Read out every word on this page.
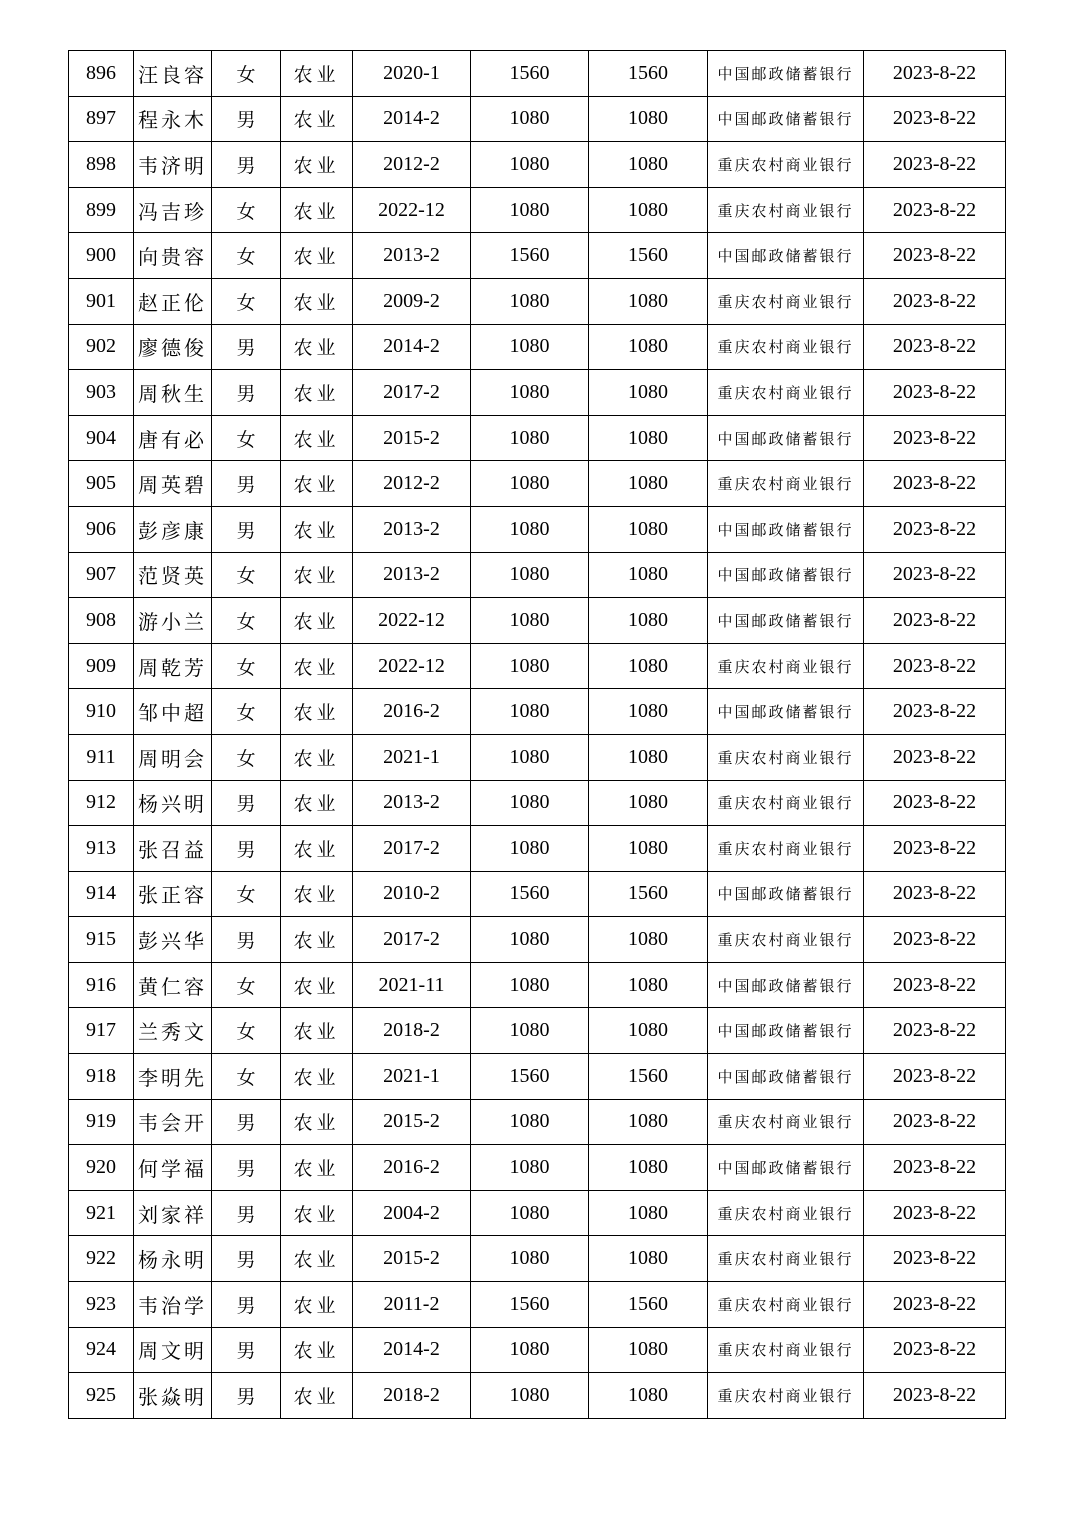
896	汪良容	女	农业	2020-1	1560	1560	中国邮政储蓄银行	2023-8-22
897	程永木	男	农业	2014-2	1080	1080	中国邮政储蓄银行	2023-8-22
898	韦济明	男	农业	2012-2	1080	1080	重庆农村商业银行	2023-8-22
899	冯吉珍	女	农业	2022-12	1080	1080	重庆农村商业银行	2023-8-22
900	向贵容	女	农业	2013-2	1560	1560	中国邮政储蓄银行	2023-8-22
901	赵正伦	女	农业	2009-2	1080	1080	重庆农村商业银行	2023-8-22
902	廖德俊	男	农业	2014-2	1080	1080	重庆农村商业银行	2023-8-22
903	周秋生	男	农业	2017-2	1080	1080	重庆农村商业银行	2023-8-22
904	唐有必	女	农业	2015-2	1080	1080	中国邮政储蓄银行	2023-8-22
905	周英碧	男	农业	2012-2	1080	1080	重庆农村商业银行	2023-8-22
906	彭彦康	男	农业	2013-2	1080	1080	中国邮政储蓄银行	2023-8-22
907	范贤英	女	农业	2013-2	1080	1080	中国邮政储蓄银行	2023-8-22
908	游小兰	女	农业	2022-12	1080	1080	中国邮政储蓄银行	2023-8-22
909	周乾芳	女	农业	2022-12	1080	1080	重庆农村商业银行	2023-8-22
910	邹中超	女	农业	2016-2	1080	1080	中国邮政储蓄银行	2023-8-22
911	周明会	女	农业	2021-1	1080	1080	重庆农村商业银行	2023-8-22
912	杨兴明	男	农业	2013-2	1080	1080	重庆农村商业银行	2023-8-22
913	张召益	男	农业	2017-2	1080	1080	重庆农村商业银行	2023-8-22
914	张正容	女	农业	2010-2	1560	1560	中国邮政储蓄银行	2023-8-22
915	彭兴华	男	农业	2017-2	1080	1080	重庆农村商业银行	2023-8-22
916	黄仁容	女	农业	2021-11	1080	1080	中国邮政储蓄银行	2023-8-22
917	兰秀文	女	农业	2018-2	1080	1080	中国邮政储蓄银行	2023-8-22
918	李明先	女	农业	2021-1	1560	1560	中国邮政储蓄银行	2023-8-22
919	韦会开	男	农业	2015-2	1080	1080	重庆农村商业银行	2023-8-22
920	何学福	男	农业	2016-2	1080	1080	中国邮政储蓄银行	2023-8-22
921	刘家祥	男	农业	2004-2	1080	1080	重庆农村商业银行	2023-8-22
922	杨永明	男	农业	2015-2	1080	1080	重庆农村商业银行	2023-8-22
923	韦治学	男	农业	2011-2	1560	1560	重庆农村商业银行	2023-8-22
924	周文明	男	农业	2014-2	1080	1080	重庆农村商业银行	2023-8-22
925	张焱明	男	农业	2018-2	1080	1080	重庆农村商业银行	2023-8-22
